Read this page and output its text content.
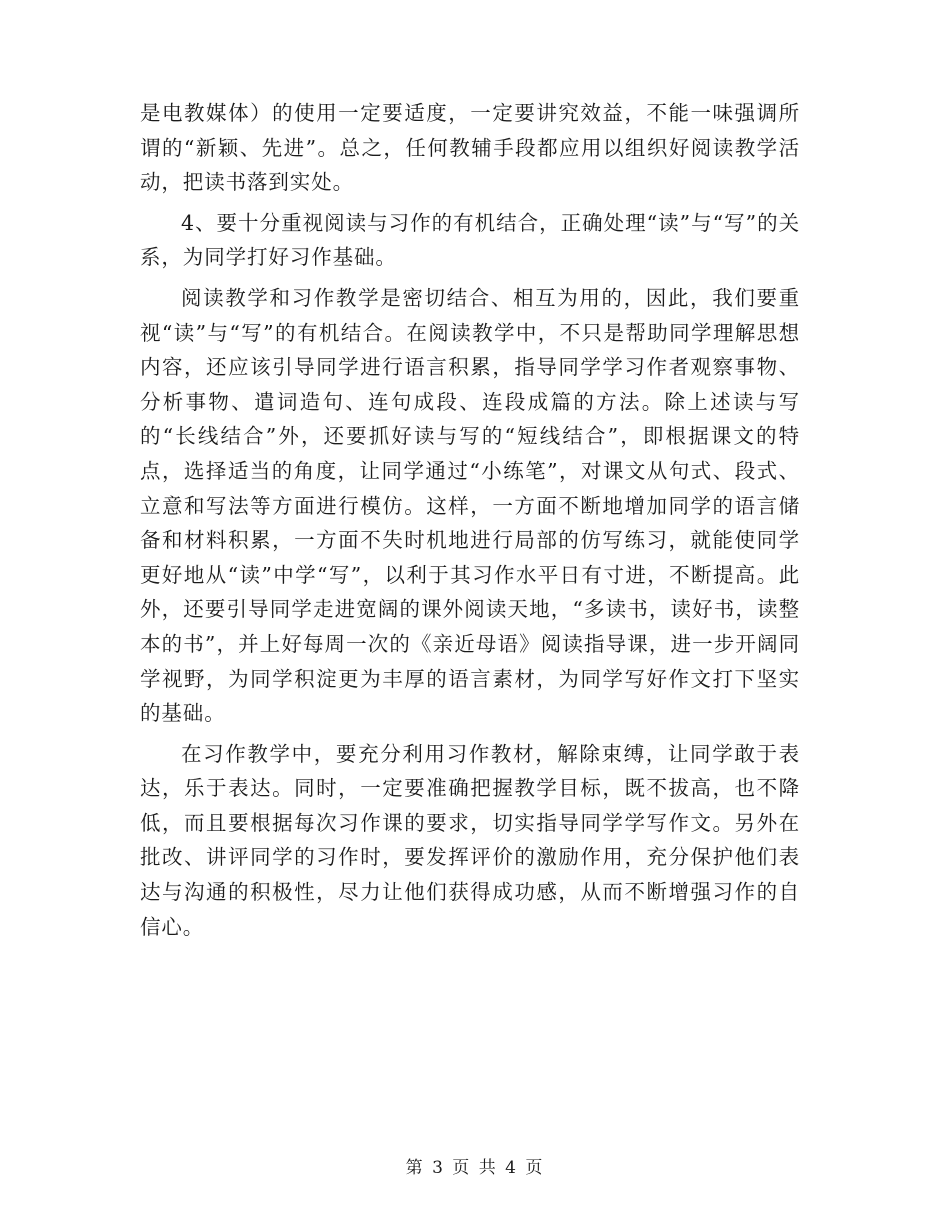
是电教媒体）的使用一定要适度，一定要讲究效益，不能一味强调所谓的“新颖、先进”。总之，任何教辅手段都应用以组织好阅读教学活动，把读书落到实处。

4、要十分重视阅读与习作的有机结合，正确处理“读”与“写”的关系，为同学打好习作基础。

阅读教学和习作教学是密切结合、相互为用的，因此，我们要重视“读”与“写”的有机结合。在阅读教学中，不只是帮助同学理解思想内容，还应该引导同学进行语言积累，指导同学学习作者观察事物、分析事物、遣词造句、连句成段、连段成篇的方法。除上述读与写的“长线结合”外，还要抓好读与写的“短线结合”，即根据课文的特点，选择适当的角度，让同学通过“小练笔”，对课文从句式、段式、立意和写法等方面进行模仿。这样，一方面不断地增加同学的语言储备和材料积累，一方面不失时机地进行局部的仿写练习，就能使同学更好地从“读”中学“写”，以利于其习作水平日有寸进，不断提高。此外，还要引导同学走进宽阔的课外阅读天地，“多读书，读好书，读整本的书”，并上好每周一次的《亲近母语》阅读指导课，进一步开阔同学视野，为同学积淀更为丰厚的语言素材，为同学写好作文打下坚实的基础。

在习作教学中，要充分利用习作教材，解除束缚，让同学敢于表达，乐于表达。同时，一定要准确把握教学目标，既不拔高，也不降低，而且要根据每次习作课的要求，切实指导同学学写作文。另外在批改、讲评同学的习作时，要发挥评价的激励作用，充分保护他们表达与沟通的积极性，尽力让他们获得成功感，从而不断增强习作的自信心。

第 3 页 共 4 页
